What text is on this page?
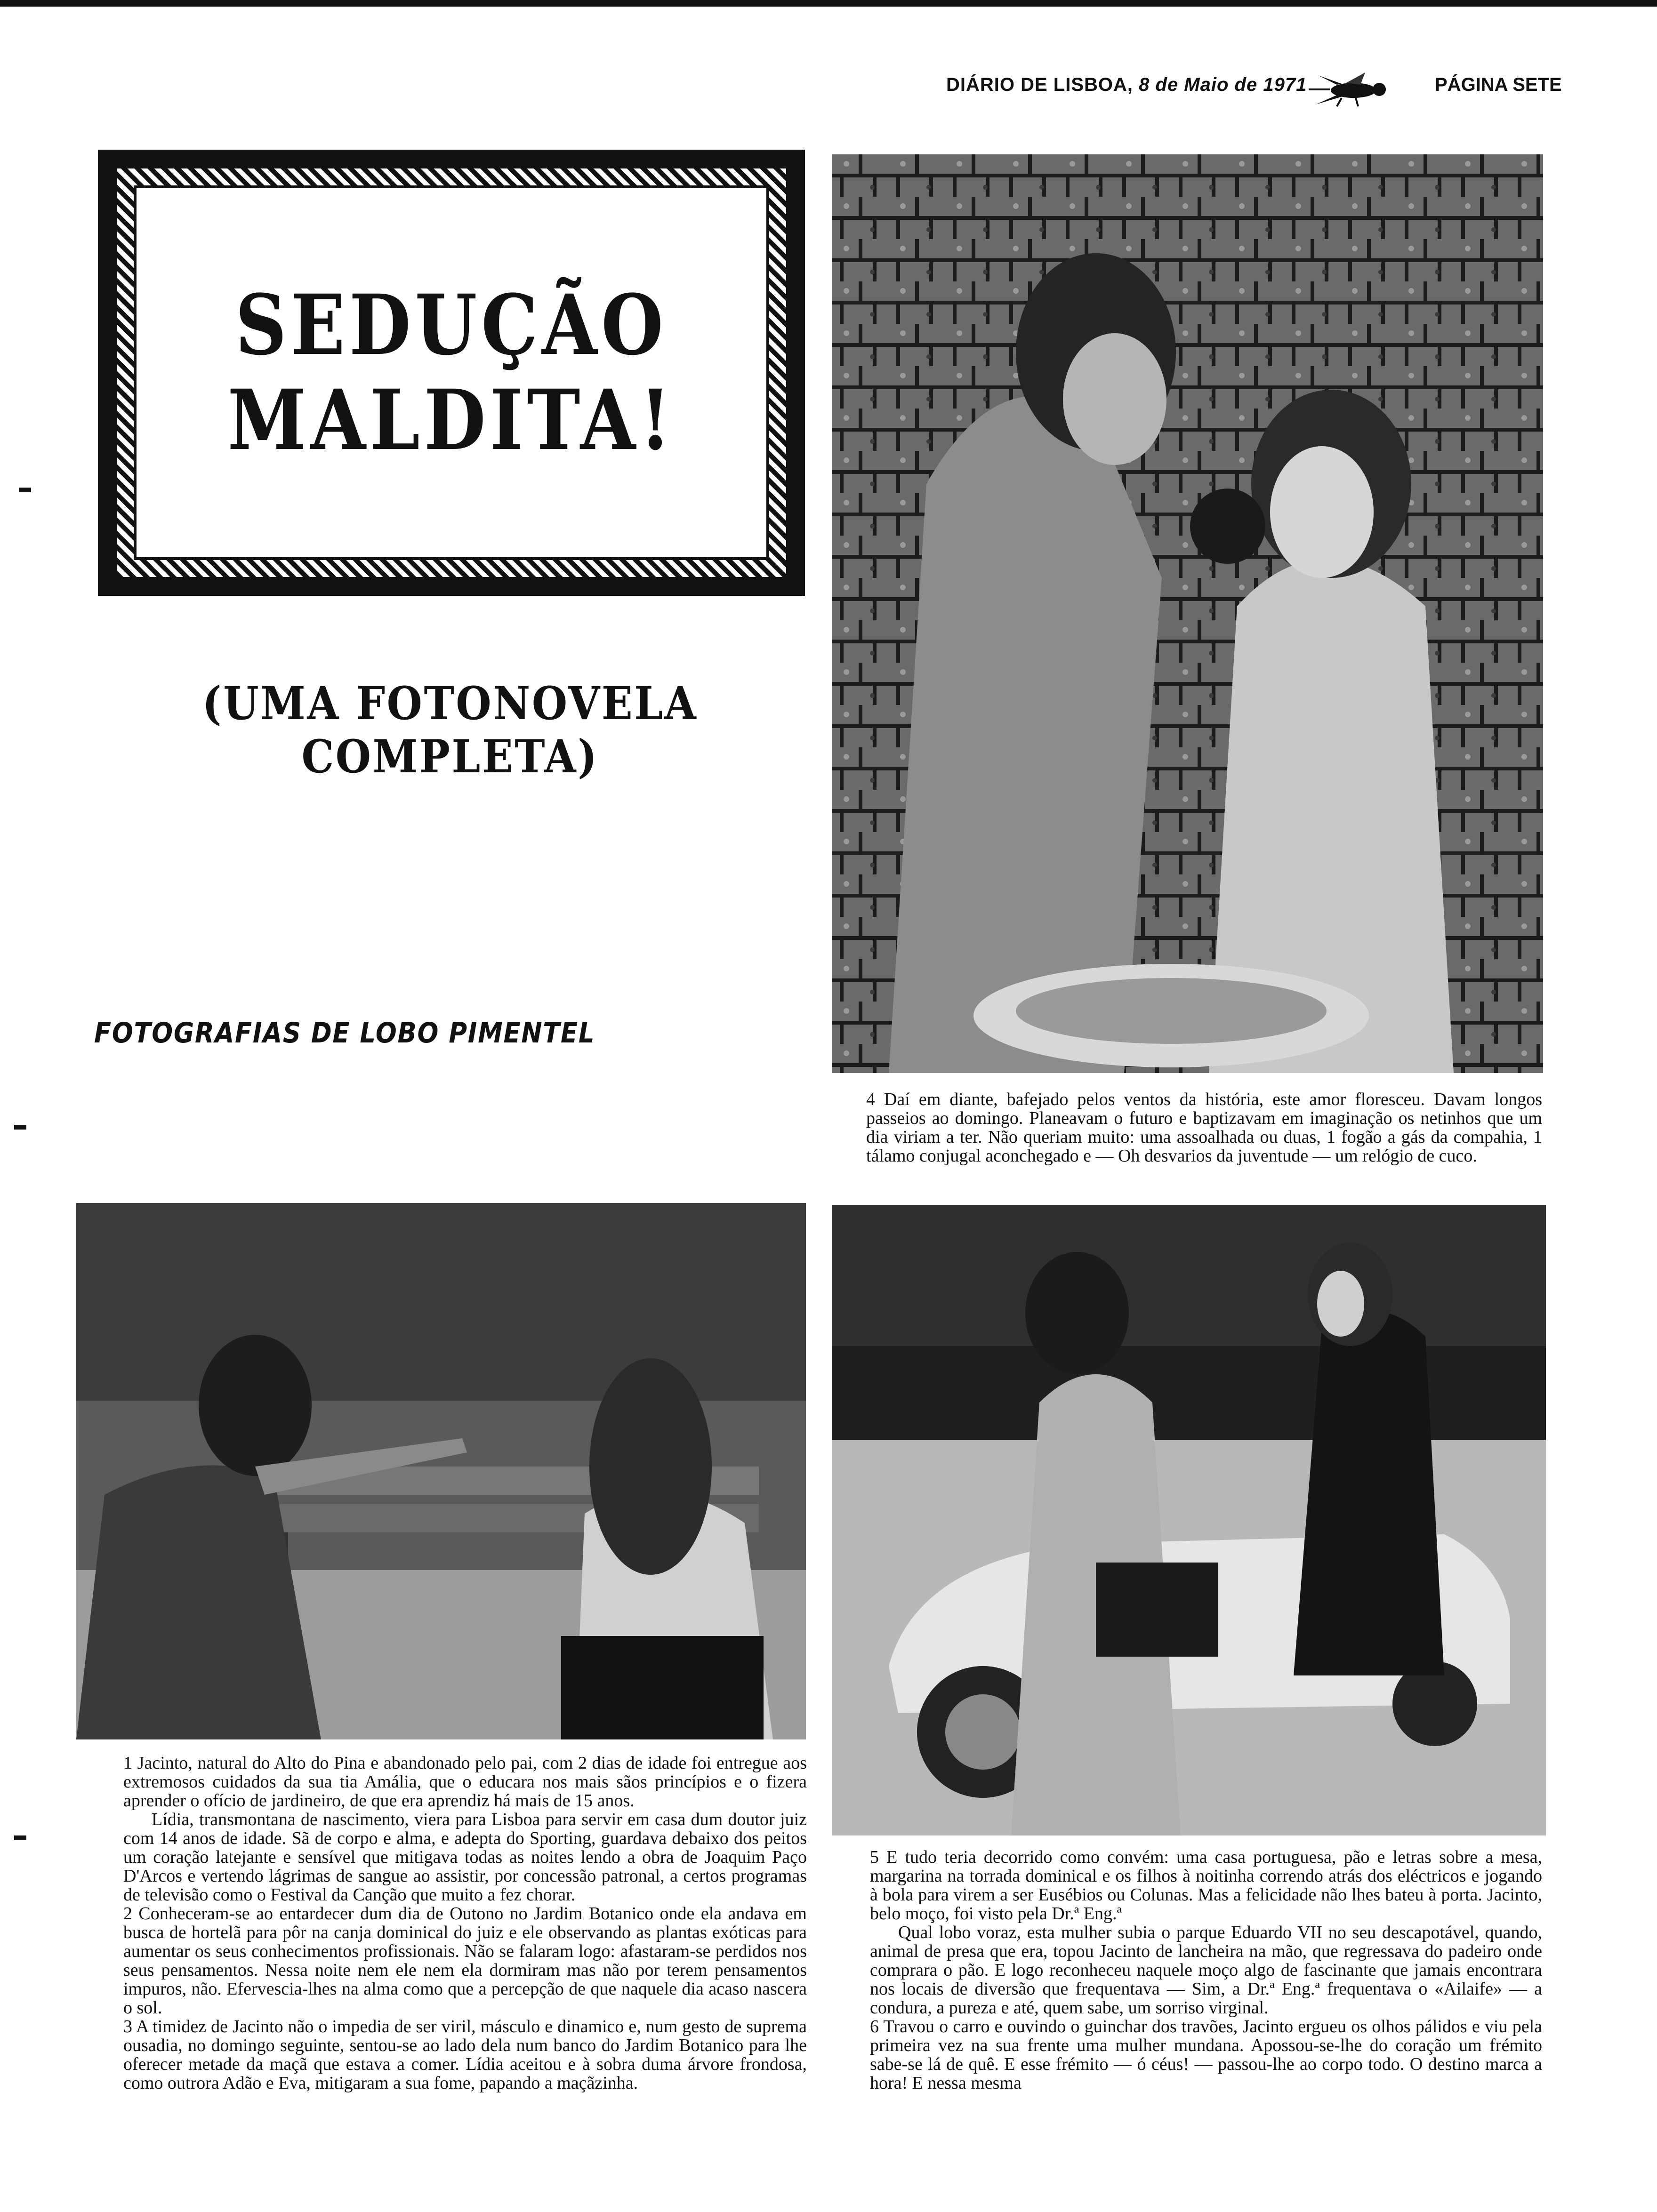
DIÁRIO DE LISBOA, 8 de Maio de 1971	PÁGINA SETE
SEDUÇÃO
MALDITA!
(UMA FOTONOVELA COMPLETA)
FOTOGRAFIAS DE LOBO PIMENTEL

4 Daí em diante, bafejado pelos ventos da história, este amor floresceu. Davam longos passeios ao domingo. Planeavam o futuro e baptizavam em imaginação os netinhos que um dia viriam a ter. Não queriam muito: uma assoalhada ou duas, 1 fogão a gás da compahia, 1 tálamo conjugal aconchegado e — Oh desvarios da juventude — um relógio de cuco.

1 Jacinto, natural do Alto do Pina e abandonado pelo pai, com 2 dias de idade foi entregue aos extremosos cuidados da sua tia Amália, que o educara nos mais sãos princípios e o fizera aprender o ofício de jardineiro, de que era aprendiz há mais de 15 anos.

Lídia, transmontana de nascimento, viera para Lisboa para servir em casa dum doutor juiz com 14 anos de idade. Sã de corpo e alma, e adepta do Sporting, guardava debaixo dos peitos um coração latejante e sensível que mitigava todas as noites lendo a obra de Joaquim Paço D'Arcos e vertendo lágrimas de sangue ao assistir, por concessão patronal, a certos programas de televisão como o Festival da Canção que muito a fez chorar.

2 Conheceram-se ao entardecer dum dia de Outono no Jardim Botanico onde ela andava em busca de hortelã para pôr na canja dominical do juiz e ele observando as plantas exóticas para aumentar os seus conhecimentos profissionais. Não se falaram logo: afastaram-se perdidos nos seus pensamentos. Nessa noite nem ele nem ela dormiram mas não por terem pensamentos impuros, não. Efervescia-lhes na alma como que a percepção de que naquele dia acaso nascera o sol.

3 A timidez de Jacinto não o impedia de ser viril, másculo e dinamico e, num gesto de suprema ousadia, no domingo seguinte, sentou-se ao lado dela num banco do Jardim Botanico para lhe oferecer metade da maçã que estava a comer. Lídia aceitou e à sobra duma árvore frondosa, como outrora Adão e Eva, mitigaram a sua fome, papando a maçãzinha.

5 E tudo teria decorrido como convém: uma casa portuguesa, pão e letras sobre a mesa, margarina na torrada dominical e os filhos à noitinha correndo atrás dos eléctricos e jogando à bola para virem a ser Eusébios ou Colunas. Mas a felicidade não lhes bateu à porta. Jacinto, belo moço, foi visto pela Dr.ª Eng.ª

Qual lobo voraz, esta mulher subia o parque Eduardo VII no seu descapotável, quando, animal de presa que era, topou Jacinto de lancheira na mão, que regressava do padeiro onde comprara o pão. E logo reconheceu naquele moço algo de fascinante que jamais encontrara nos locais de diversão que frequentava — Sim, a Dr.ª Eng.ª frequentava o «Ailaife» — a condura, a pureza e até, quem sabe, um sorriso virginal.

6 Travou o carro e ouvindo o guinchar dos travões, Jacinto ergueu os olhos pálidos e viu pela primeira vez na sua frente uma mulher mundana. Apossou-se-lhe do coração um frémito sabe-se lá de quê. E esse frémito — ó céus! — passou-lhe ao corpo todo. O destino marca a hora! E nessa mesma
